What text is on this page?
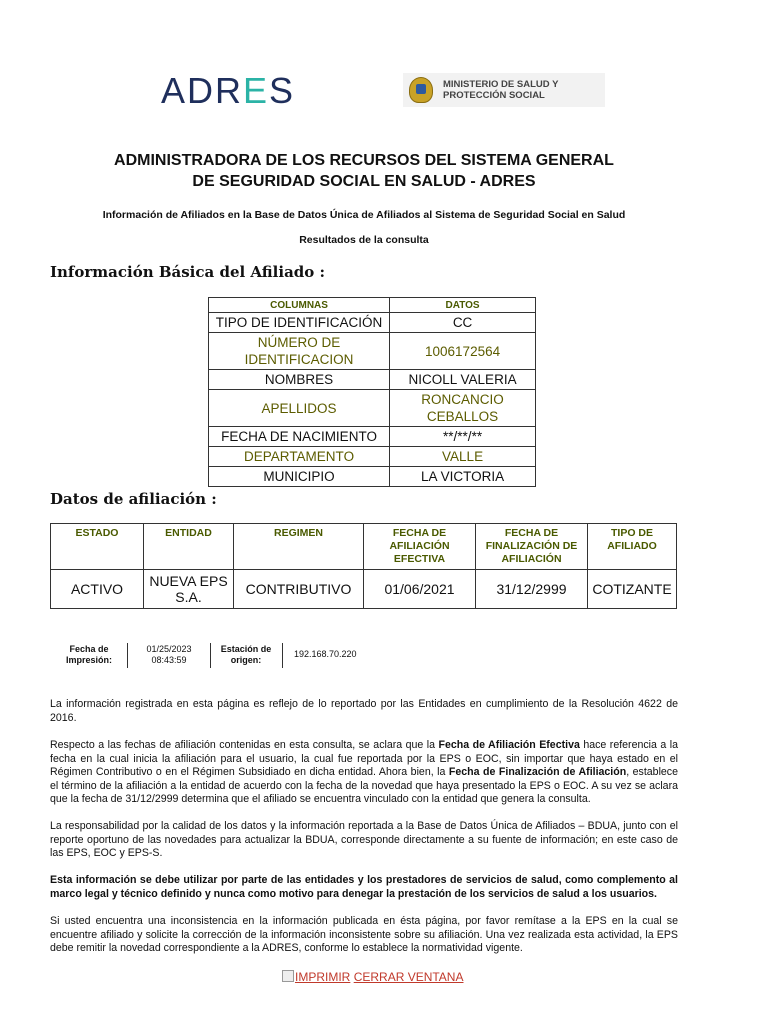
ADRES	MINISTERIO DE SALUD Y PROTECCIÓN SOCIAL
ADMINISTRADORA DE LOS RECURSOS DEL SISTEMA GENERAL
DE SEGURIDAD SOCIAL EN SALUD - ADRES
Información de Afiliados en la Base de Datos Única de Afiliados al Sistema de Seguridad Social en Salud
Resultados de la consulta
Información Básica del Afiliado :
COLUMNAS	DATOS
TIPO DE IDENTIFICACIÓN	CC
NÚMERO DE IDENTIFICACION	1006172564
NOMBRES	NICOLL VALERIA
APELLIDOS	RONCANCIO CEBALLOS
FECHA DE NACIMIENTO	**/**/**
DEPARTAMENTO	VALLE
MUNICIPIO	LA VICTORIA
Datos de afiliación :
ESTADO	ENTIDAD	REGIMEN	FECHA DE AFILIACIÓN EFECTIVA	FECHA DE FINALIZACIÓN DE AFILIACIÓN	TIPO DE AFILIADO
ACTIVO	NUEVA EPS S.A.	CONTRIBUTIVO	01/06/2021	31/12/2999	COTIZANTE
Fecha de Impresión:
01/25/2023 08:43:59
Estación de origen:
192.168.70.220
La información registrada en esta página es reflejo de lo reportado por las Entidades en cumplimiento de la Resolución 4622 de 2016.
Respecto a las fechas de afiliación contenidas en esta consulta, se aclara que la Fecha de Afiliación Efectiva hace referencia a la fecha en la cual inicia la afiliación para el usuario, la cual fue reportada por la EPS o EOC, sin importar que haya estado en el Régimen Contributivo o en el Régimen Subsidiado en dicha entidad. Ahora bien, la Fecha de Finalización de Afiliación, establece el término de la afiliación a la entidad de acuerdo con la fecha de la novedad que haya presentado la EPS o EOC. A su vez se aclara que la fecha de 31/12/2999 determina que el afiliado se encuentra vinculado con la entidad que genera la consulta.
La responsabilidad por la calidad de los datos y la información reportada a la Base de Datos Única de Afiliados – BDUA, junto con el reporte oportuno de las novedades para actualizar la BDUA, corresponde directamente a su fuente de información; en este caso de las EPS, EOC y EPS-S.
Esta información se debe utilizar por parte de las entidades y los prestadores de servicios de salud, como complemento al marco legal y técnico definido y nunca como motivo para denegar la prestación de los servicios de salud a los usuarios.
Si usted encuentra una inconsistencia en la información publicada en ésta página, por favor remítase a la EPS en la cual se encuentre afiliado y solicite la corrección de la información inconsistente sobre su afiliación. Una vez realizada esta actividad, la EPS debe remitir la novedad correspondiente a la ADRES, conforme lo establece la normatividad vigente.
IMPRIMIR CERRAR VENTANA
